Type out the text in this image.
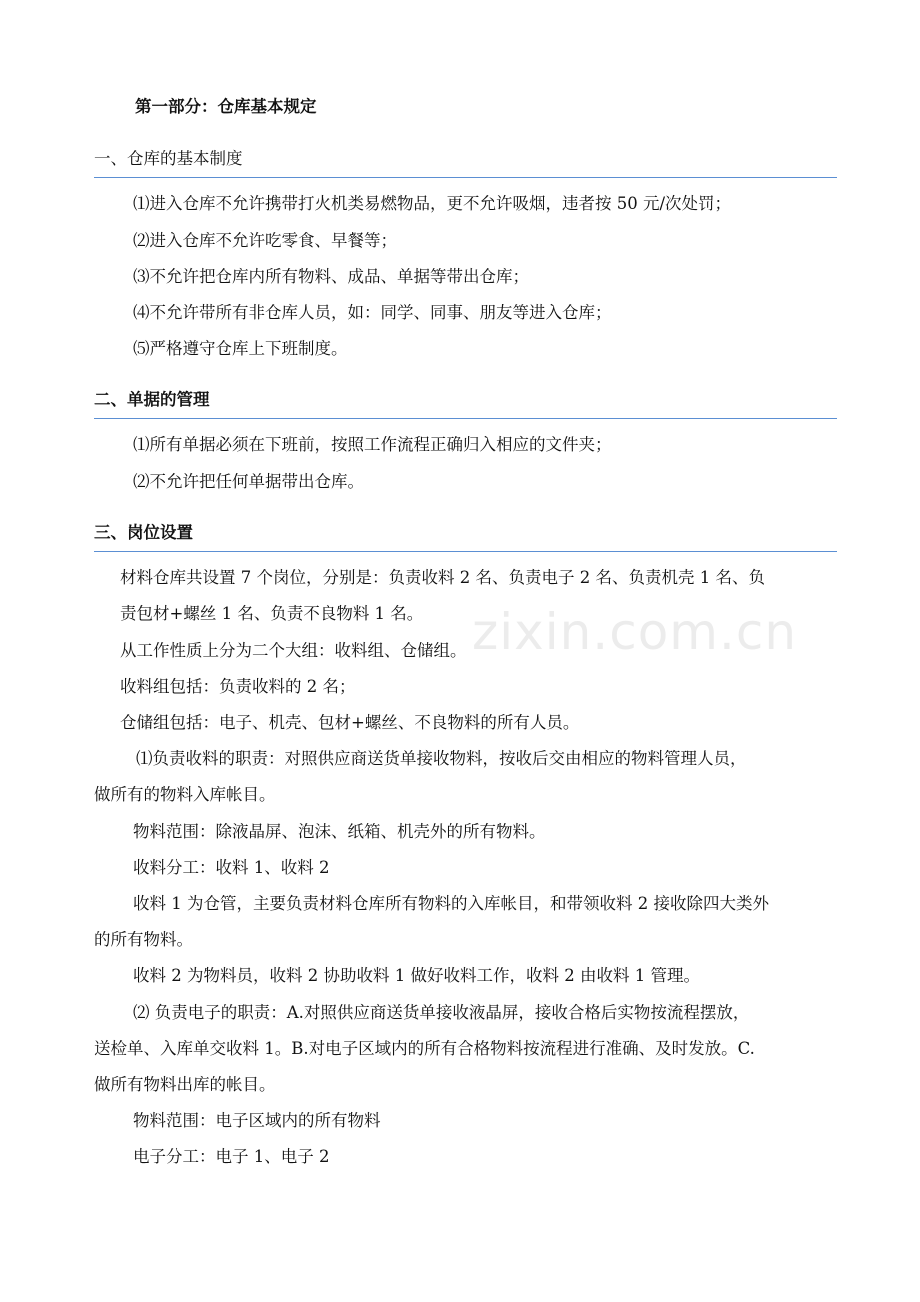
zixin.com.cn
第一部分：仓库基本规定
一、仓库的基本制度
⑴进入仓库不允许携带打火机类易燃物品，更不允许吸烟，违者按 50 元/次处罚；
⑵进入仓库不允许吃零食、早餐等；
⑶不允许把仓库内所有物料、成品、单据等带出仓库；
⑷不允许带所有非仓库人员，如：同学、同事、朋友等进入仓库；
⑸严格遵守仓库上下班制度。
二、单据的管理
⑴所有单据必须在下班前，按照工作流程正确归入相应的文件夹；
⑵不允许把任何单据带出仓库。
三、岗位设置
材料仓库共设置 7 个岗位，分别是：负责收料 2 名、负责电子 2 名、负责机壳 1 名、负
责包材+螺丝 1 名、负责不良物料 1 名。
从工作性质上分为二个大组：收料组、仓储组。
收料组包括：负责收料的 2 名；
仓储组包括：电子、机壳、包材+螺丝、不良物料的所有人员。
⑴负责收料的职责：对照供应商送货单接收物料，按收后交由相应的物料管理人员，
做所有的物料入库帐目。
物料范围：除液晶屏、泡沫、纸箱、机壳外的所有物料。
收料分工：收料 1、收料 2
收料 1 为仓管，主要负责材料仓库所有物料的入库帐目，和带领收料 2 接收除四大类外
的所有物料。
收料 2 为物料员，收料 2 协助收料 1 做好收料工作，收料 2 由收料 1 管理。
⑵ 负责电子的职责：A.对照供应商送货单接收液晶屏，接收合格后实物按流程摆放，
送检单、入库单交收料 1。B.对电子区域内的所有合格物料按流程进行准确、及时发放。C.
做所有物料出库的帐目。
物料范围：电子区域内的所有物料
电子分工：电子 1、电子 2
